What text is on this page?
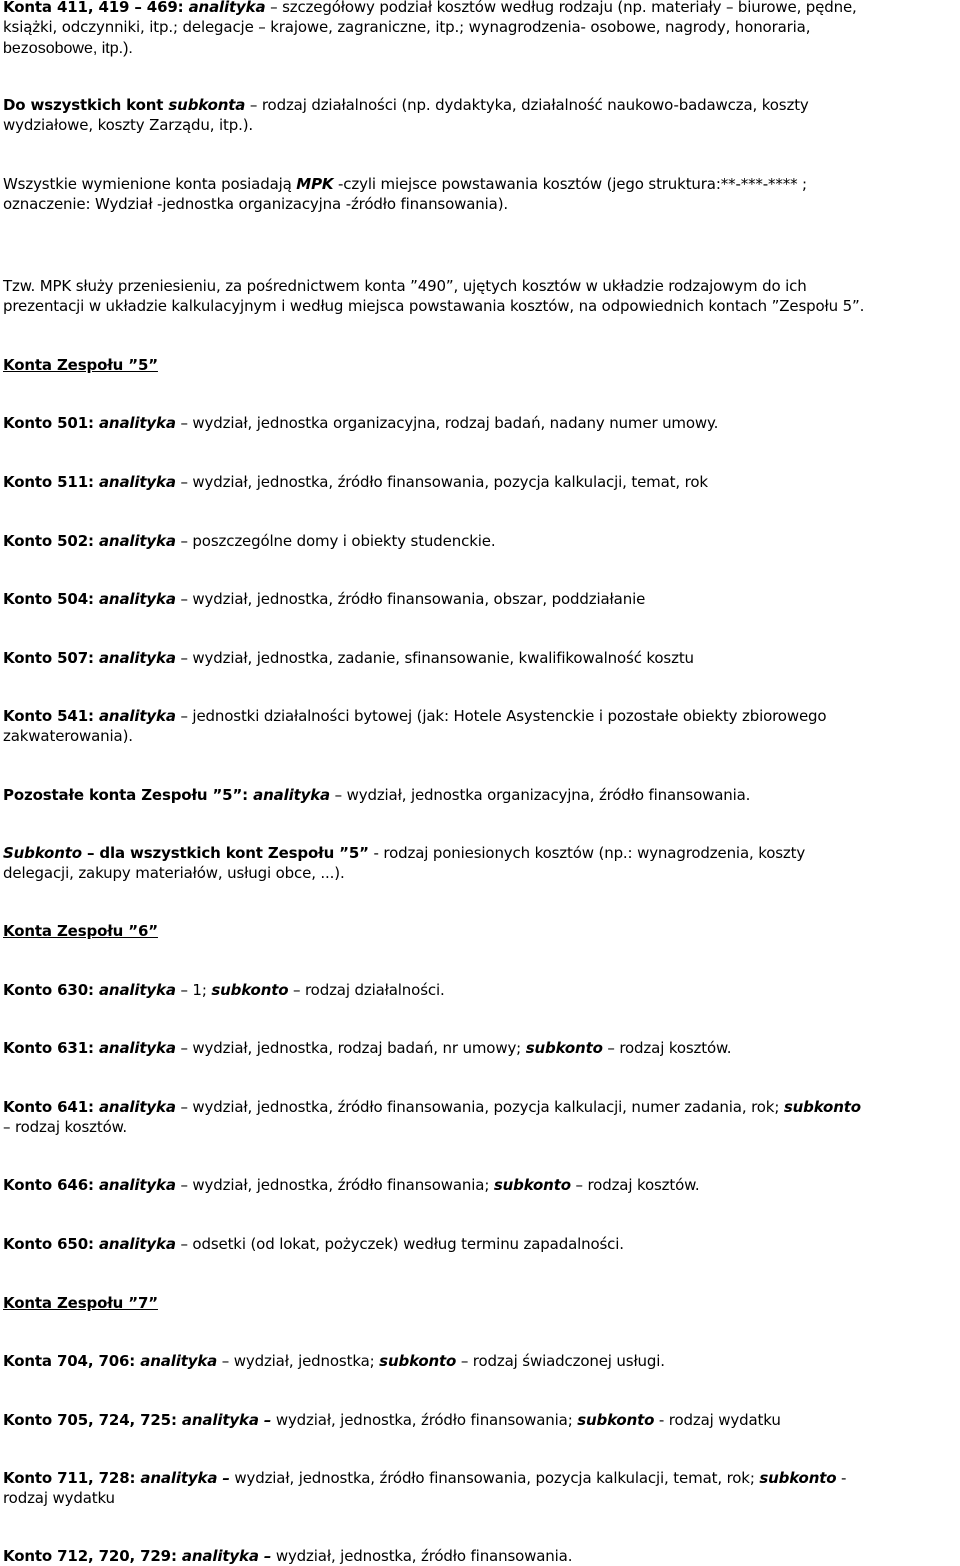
Konta 411, 419 – 469: analityka – szczegółowy podział kosztów według rodzaju (np. materiały – biurowe, pędne,
książki, odczynniki, itp.; delegacje – krajowe, zagraniczne, itp.; wynagrodzenia- osobowe, nagrody, honoraria,
bezosobowe, itp.).
Do wszystkich kont subkonta – rodzaj działalności (np. dydaktyka, działalność naukowo-badawcza, koszty
wydziałowe, koszty Zarządu, itp.).
Wszystkie wymienione konta posiadają MPK -czyli miejsce powstawania kosztów (jego struktura:**-***-**** ;
oznaczenie: Wydział -jednostka organizacyjna -źródło finansowania).
Tzw. MPK służy przeniesieniu, za pośrednictwem konta ”490”, ujętych kosztów w układzie rodzajowym do ich
prezentacji w układzie kalkulacyjnym i według miejsca powstawania kosztów, na odpowiednich kontach ”Zespołu 5”.
Konta Zespołu ”5”
Konto 501: analityka – wydział, jednostka organizacyjna, rodzaj badań, nadany numer umowy.
Konto 511: analityka – wydział, jednostka, źródło finansowania, pozycja kalkulacji, temat, rok
Konto 502: analityka – poszczególne domy i obiekty studenckie.
Konto 504: analityka – wydział, jednostka, źródło finansowania, obszar, poddziałanie
Konto 507: analityka – wydział, jednostka, zadanie, sfinansowanie, kwalifikowalność kosztu
Konto 541: analityka – jednostki działalności bytowej (jak: Hotele Asystenckie i pozostałe obiekty zbiorowego
zakwaterowania).
Pozostałe konta Zespołu ”5”: analityka – wydział, jednostka organizacyjna, źródło finansowania.
Subkonto – dla wszystkich kont Zespołu ”5” - rodzaj poniesionych kosztów (np.: wynagrodzenia, koszty
delegacji, zakupy materiałów, usługi obce, ...).
Konta Zespołu ”6”
Konto 630: analityka – 1; subkonto – rodzaj działalności.
Konto 631: analityka – wydział, jednostka, rodzaj badań, nr umowy; subkonto – rodzaj kosztów.
Konto 641: analityka – wydział, jednostka, źródło finansowania, pozycja kalkulacji, numer zadania, rok; subkonto
– rodzaj kosztów.
Konto 646: analityka – wydział, jednostka, źródło finansowania; subkonto – rodzaj kosztów.
Konto 650: analityka – odsetki (od lokat, pożyczek) według terminu zapadalności.
Konta Zespołu ”7”
Konta 704, 706: analityka – wydział, jednostka; subkonto – rodzaj świadczonej usługi.
Konto 705, 724, 725: analityka – wydział, jednostka, źródło finansowania; subkonto - rodzaj wydatku
Konto 711, 728: analityka – wydział, jednostka, źródło finansowania, pozycja kalkulacji, temat, rok; subkonto -
rodzaj wydatku
Konto 712, 720, 729: analityka – wydział, jednostka, źródło finansowania.
